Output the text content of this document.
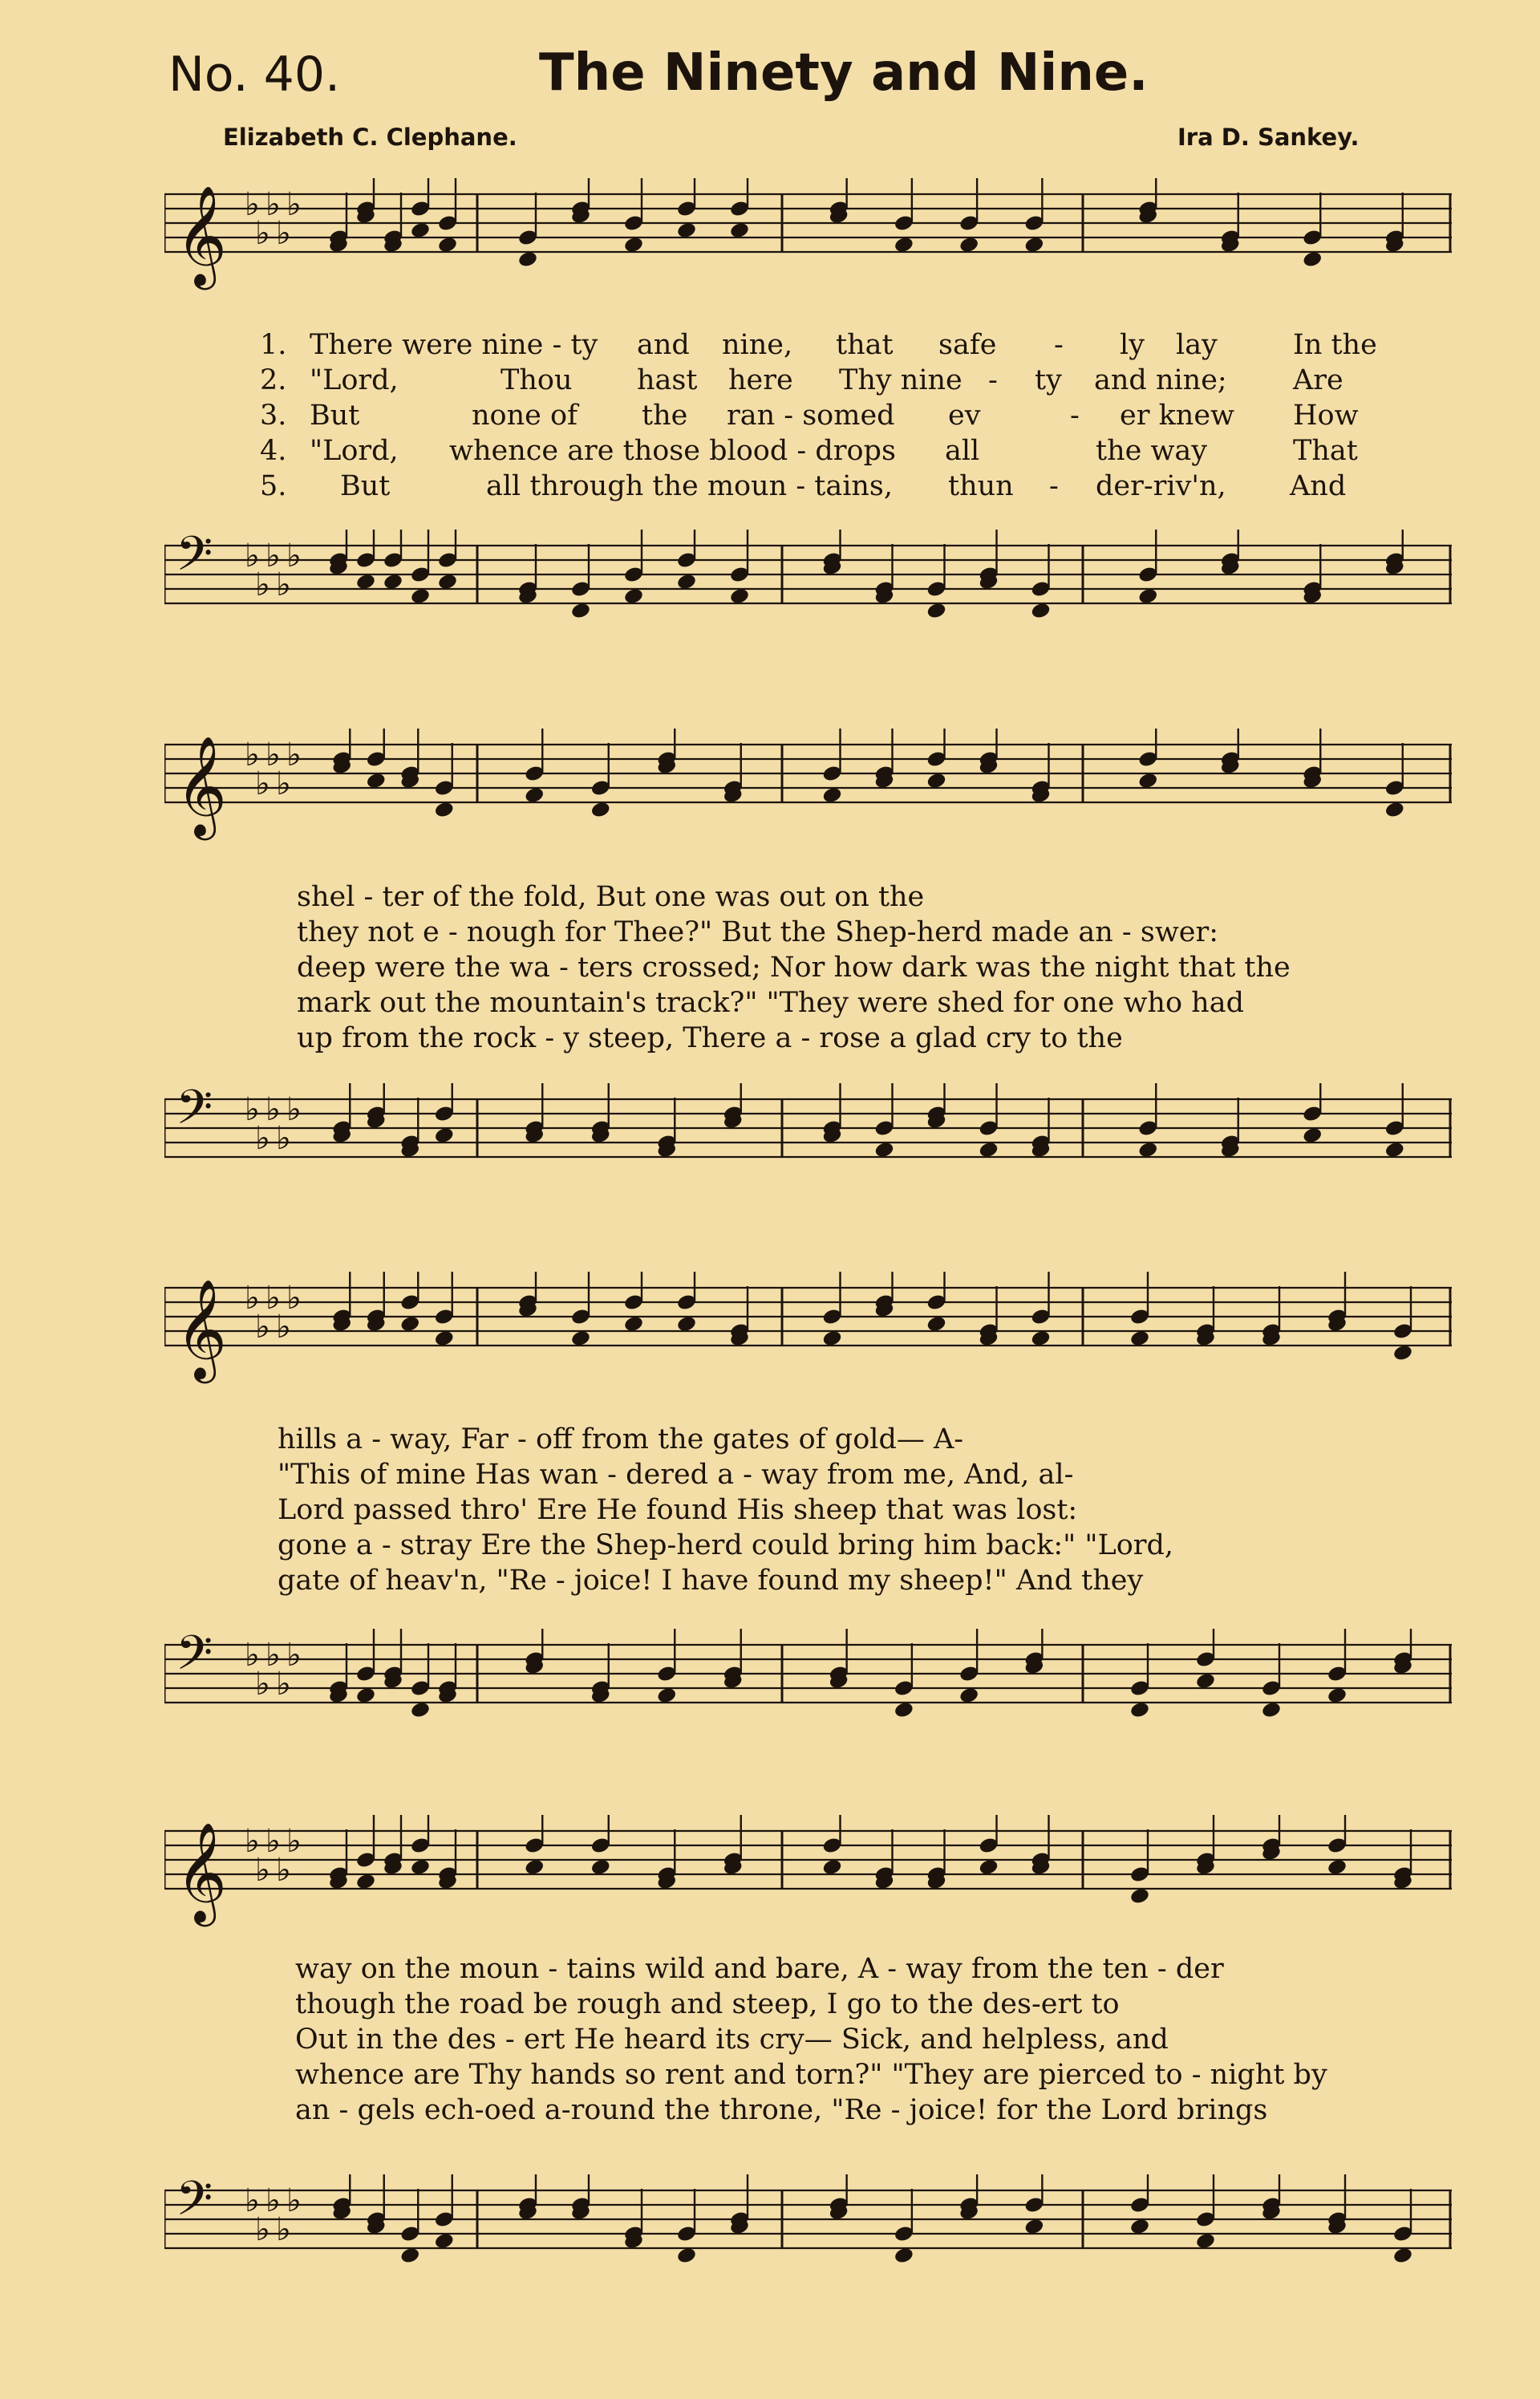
No. 40.	The Ninety and Nine.
Elizabeth C. Clephane.	Ira D. Sankey.
𝄞 ♭
♭
♭
♭
♭
𝄢 ♭
♭
♭
♭
♭
1. There were nine - ty and nine, that safe - ly lay	In the
2. "Lord,	Thou hast here Thy nine - ty and nine; Are
3. But	none of the ran - somed ev	- er knew How
4. "Lord, whence are those blood - drops all	the way	That
5. But	all through the moun - tains, thun - der-riv'n, And
𝄞 ♭
♭
♭
♭
♭
𝄢 ♭
♭
♭
♭
♭
shel - ter of the fold, But one was out on the
they not e - nough for Thee?" But the Shep-herd made an - swer:
deep were the wa - ters crossed; Nor how dark was the night that the
mark out the mountain's track?" "They were shed for one who had
up from the rock - y steep, There a - rose a glad cry to the
𝄞 ♭
♭
♭
♭
♭
𝄢 ♭
♭
♭
♭
♭
hills a - way, Far - off from the gates of gold— A-
"This of mine Has wan - dered a - way from me, And, al-
Lord passed thro' Ere He found His sheep that was lost:
gone a - stray Ere the Shep-herd could bring him back:" "Lord,
gate of heav'n, "Re - joice! I have found my sheep!" And they
𝄞 ♭
♭
♭
♭
♭
𝄢 ♭
♭
♭
♭
♭
way on the moun - tains wild and bare, A - way from the ten - der
though the road be rough and steep, I go to the des-ert to
Out in the des - ert He heard its cry— Sick, and helpless, and
whence are Thy hands so rent and torn?" "They are pierced to - night by
an - gels ech-oed a-round the throne, "Re - joice! for the Lord brings
